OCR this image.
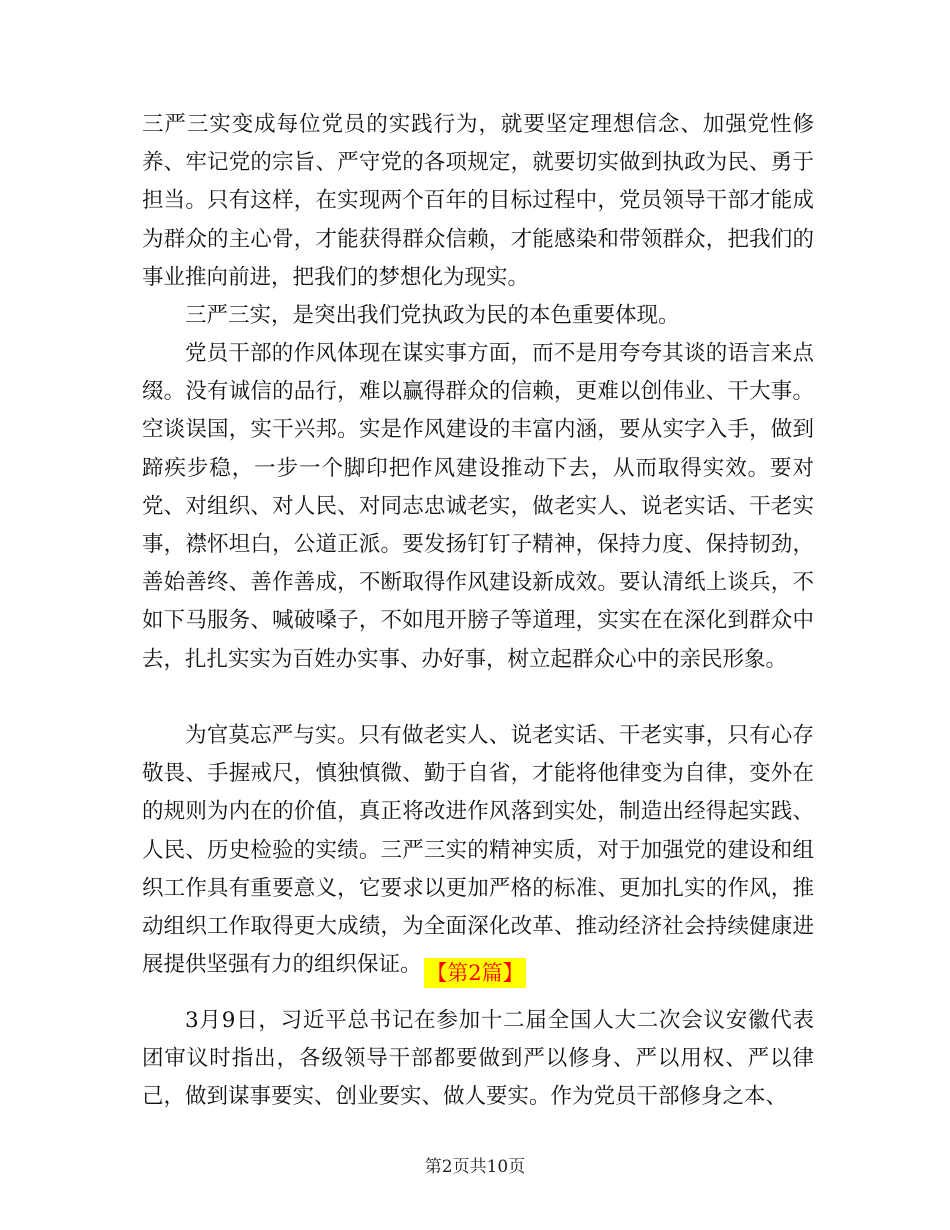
三严三实变成每位党员的实践行为，就要坚定理想信念、加强党性修养、牢记党的宗旨、严守党的各项规定，就要切实做到执政为民、勇于担当。只有这样，在实现两个百年的目标过程中，党员领导干部才能成为群众的主心骨，才能获得群众信赖，才能感染和带领群众，把我们的事业推向前进，把我们的梦想化为现实。

三严三实，是突出我们党执政为民的本色重要体现。

党员干部的作风体现在谋实事方面，而不是用夸夸其谈的语言来点缀。没有诚信的品行，难以赢得群众的信赖，更难以创伟业、干大事。空谈误国，实干兴邦。实是作风建设的丰富内涵，要从实字入手，做到蹄疾步稳，一步一个脚印把作风建设推动下去，从而取得实效。要对党、对组织、对人民、对同志忠诚老实，做老实人、说老实话、干老实事，襟怀坦白，公道正派。要发扬钉钉子精神，保持力度、保持韧劲，善始善终、善作善成，不断取得作风建设新成效。要认清纸上谈兵，不如下马服务、喊破嗓子，不如甩开膀子等道理，实实在在深化到群众中去，扎扎实实为百姓办实事、办好事，树立起群众心中的亲民形象。

为官莫忘严与实。只有做老实人、说老实话、干老实事，只有心存敬畏、手握戒尺，慎独慎微、勤于自省，才能将他律变为自律，变外在的规则为内在的价值，真正将改进作风落到实处，制造出经得起实践、人民、历史检验的实绩。三严三实的精神实质，对于加强党的建设和组织工作具有重要意义，它要求以更加严格的标准、更加扎实的作风，推动组织工作取得更大成绩，为全面深化改革、推动经济社会持续健康进展提供坚强有力的组织保证。 【第2篇】

3月9日，习近平总书记在参加十二届全国人大二次会议安徽代表团审议时指出，各级领导干部都要做到严以修身、严以用权、严以律己，做到谋事要实、创业要实、做人要实。作为党员干部修身之本、

第2页共10页
